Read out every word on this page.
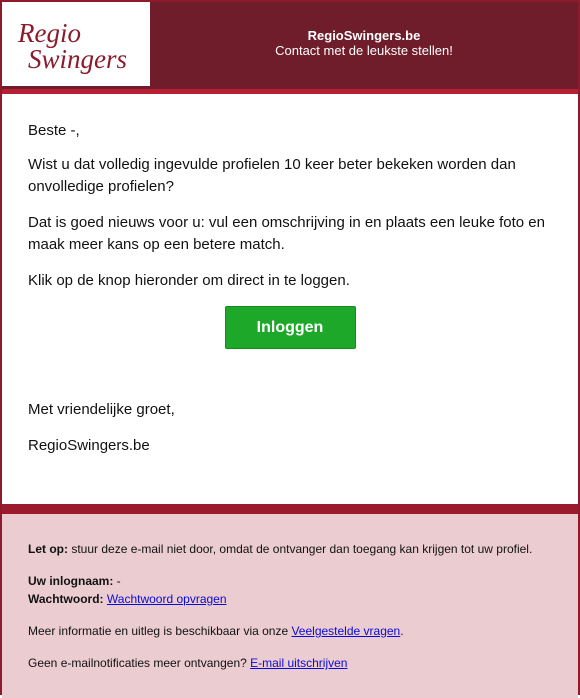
Regio
Swingers
RegioSwingers.be
Contact met de leukste stellen!

Beste -,

Wist u dat volledig ingevulde profielen 10 keer beter bekeken worden dan onvolledige profielen?

Dat is goed nieuws voor u: vul een omschrijving in en plaats een leuke foto en maak meer kans op een betere match.

Klik op de knop hieronder om direct in te loggen.

Inloggen

Met vriendelijke groet,

RegioSwingers.be

Let op: stuur deze e-mail niet door, omdat de ontvanger dan toegang kan krijgen tot uw profiel.

Uw inlognaam: -
Wachtwoord: Wachtwoord opvragen

Meer informatie en uitleg is beschikbaar via onze Veelgestelde vragen.

Geen e-mailnotificaties meer ontvangen? E-mail uitschrijven
